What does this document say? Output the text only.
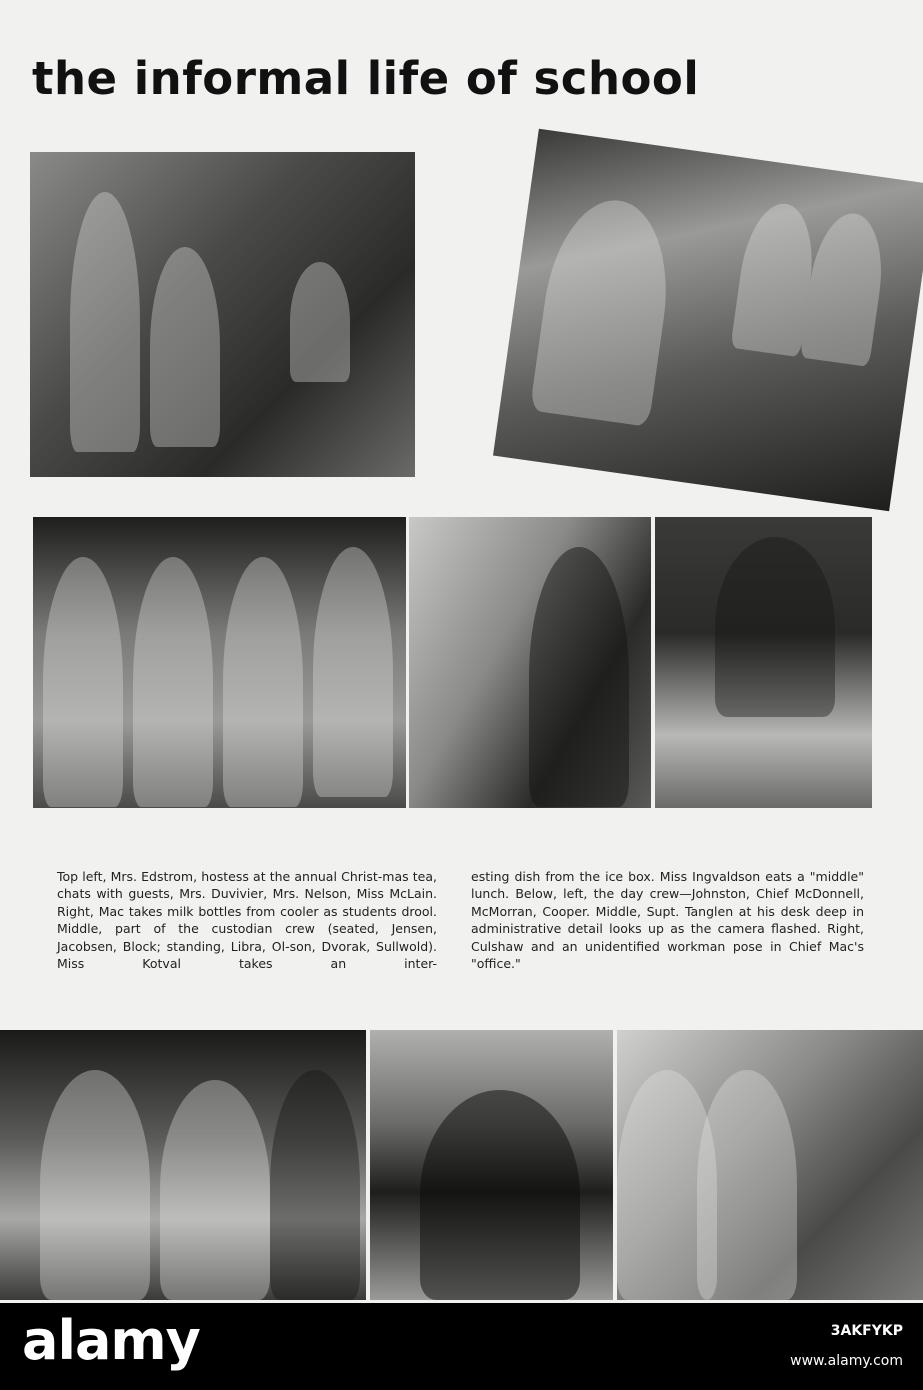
the informal life of school
Top left, Mrs. Edstrom, hostess at the annual Christ-mas tea, chats with guests, Mrs. Duvivier, Mrs. Nelson, Miss McLain. Right, Mac takes milk bottles from cooler as students drool. Middle, part of the custodian crew (seated, Jensen, Jacobsen, Block; standing, Libra, Ol-son, Dvorak, Sullwold). Miss Kotval takes an inter-
esting dish from the ice box. Miss Ingvaldson eats a "middle" lunch. Below, left, the day crew—Johnston, Chief McDonnell, McMorran, Cooper. Middle, Supt. Tanglen at his desk deep in administrative detail looks up as the camera flashed. Right, Culshaw and an unidentified workman pose in Chief Mac's "office."
alamy	3AKFYKP
www.alamy.com
